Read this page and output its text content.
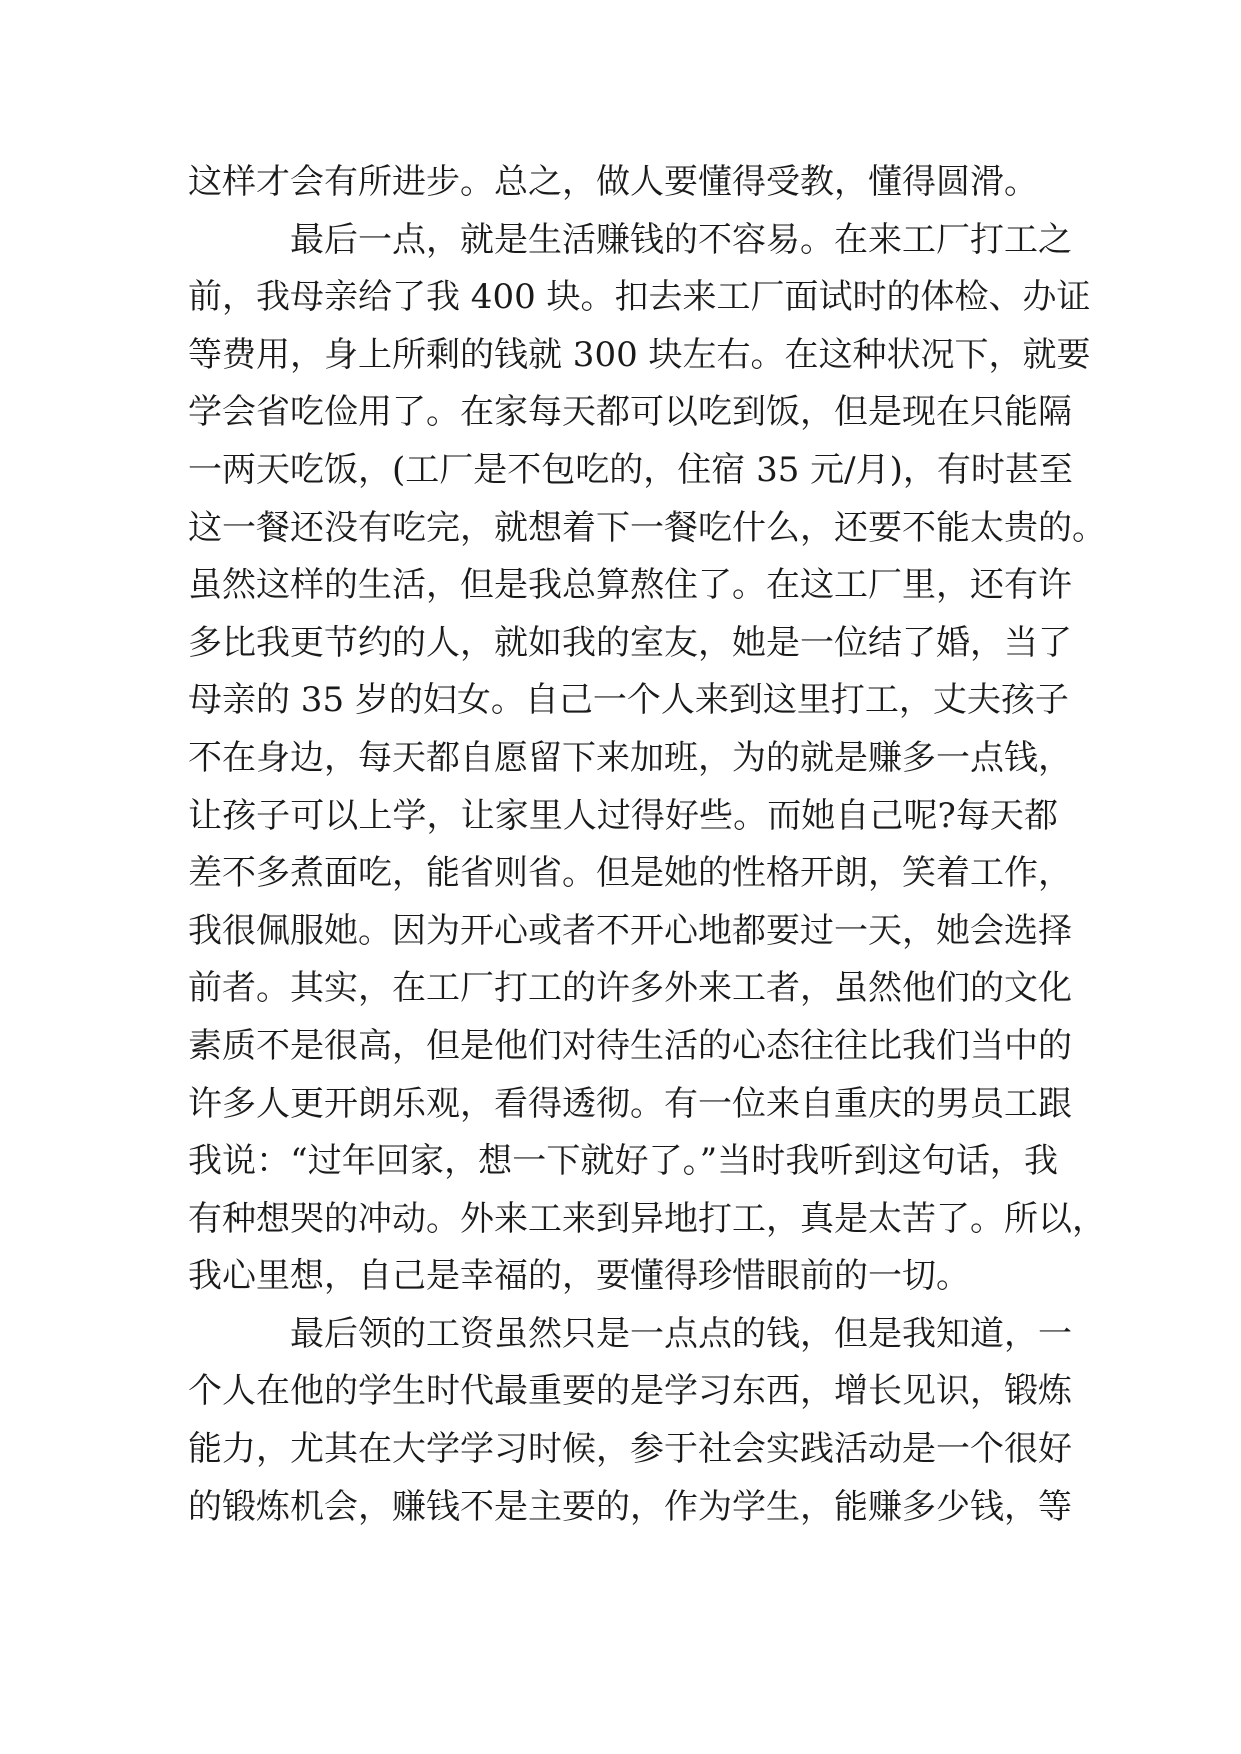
这样才会有所进步。总之，做人要懂得受教，懂得圆滑。
最后一点，就是生活赚钱的不容易。在来工厂打工之
前，我母亲给了我 400 块。扣去来工厂面试时的体检、办证
等费用，身上所剩的钱就 300 块左右。在这种状况下，就要
学会省吃俭用了。在家每天都可以吃到饭，但是现在只能隔
一两天吃饭，(工厂是不包吃的，住宿 35 元/月)，有时甚至
这一餐还没有吃完，就想着下一餐吃什么，还要不能太贵的。
虽然这样的生活，但是我总算熬住了。在这工厂里，还有许
多比我更节约的人，就如我的室友，她是一位结了婚，当了
母亲的 35 岁的妇女。自己一个人来到这里打工，丈夫孩子
不在身边，每天都自愿留下来加班，为的就是赚多一点钱，
让孩子可以上学，让家里人过得好些。而她自己呢?每天都
差不多煮面吃，能省则省。但是她的性格开朗，笑着工作，
我很佩服她。因为开心或者不开心地都要过一天，她会选择
前者。其实，在工厂打工的许多外来工者，虽然他们的文化
素质不是很高，但是他们对待生活的心态往往比我们当中的
许多人更开朗乐观，看得透彻。有一位来自重庆的男员工跟
我说：“过年回家，想一下就好了。”当时我听到这句话，我
有种想哭的冲动。外来工来到异地打工，真是太苦了。所以，
我心里想，自己是幸福的，要懂得珍惜眼前的一切。
最后领的工资虽然只是一点点的钱，但是我知道，一
个人在他的学生时代最重要的是学习东西，增长见识，锻炼
能力，尤其在大学学习时候，参于社会实践活动是一个很好
的锻炼机会，赚钱不是主要的，作为学生，能赚多少钱，等
